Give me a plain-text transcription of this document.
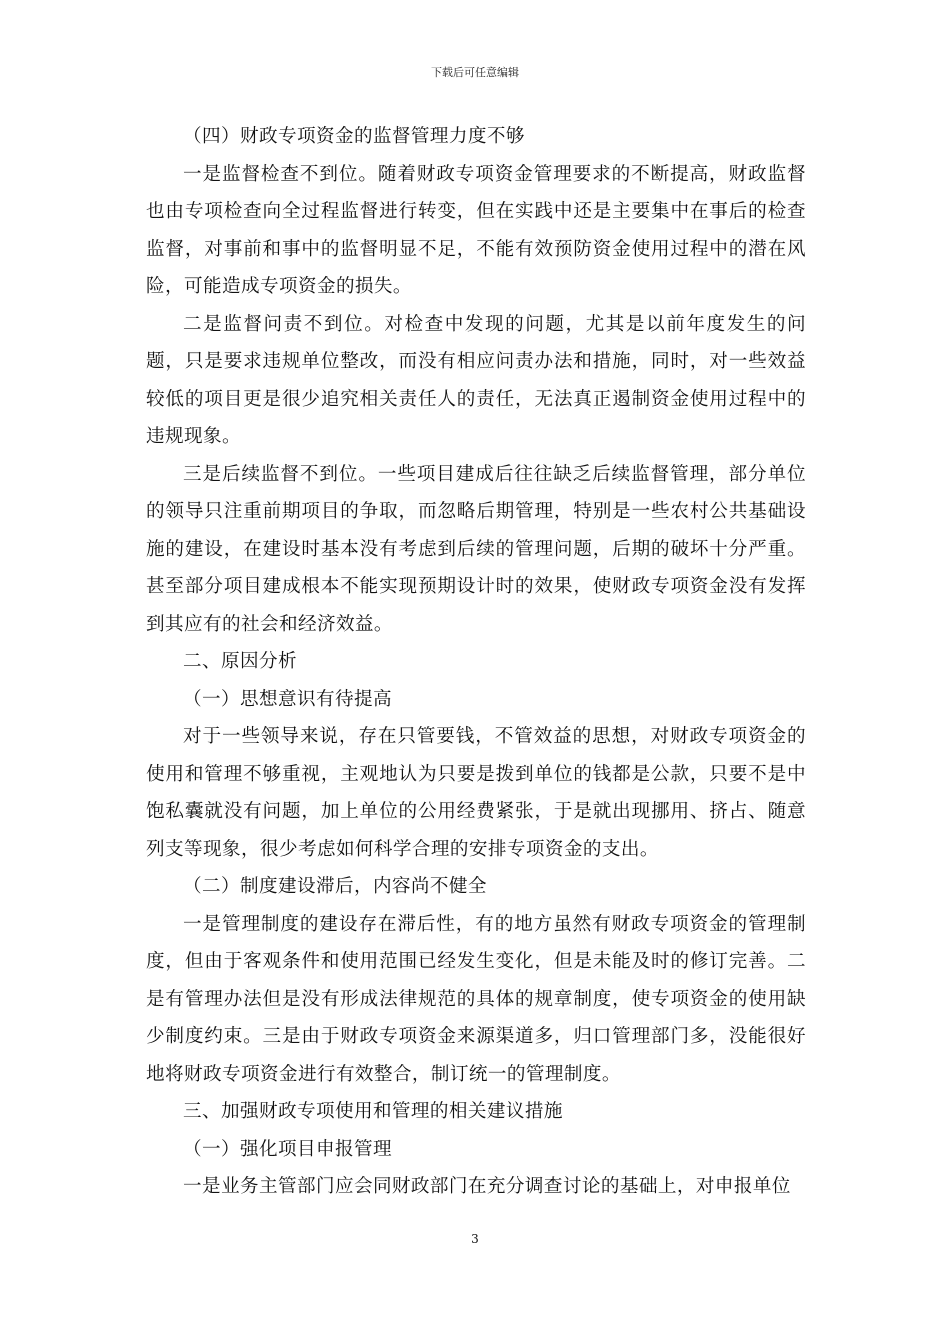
下载后可任意编辑

（四）财政专项资金的监督管理力度不够

一是监督检查不到位。随着财政专项资金管理要求的不断提高，财政监督也由专项检查向全过程监督进行转变，但在实践中还是主要集中在事后的检查监督，对事前和事中的监督明显不足，不能有效预防资金使用过程中的潜在风险，可能造成专项资金的损失。

二是监督问责不到位。对检查中发现的问题，尤其是以前年度发生的问题，只是要求违规单位整改，而没有相应问责办法和措施，同时，对一些效益较低的项目更是很少追究相关责任人的责任，无法真正遏制资金使用过程中的违规现象。

三是后续监督不到位。一些项目建成后往往缺乏后续监督管理，部分单位的领导只注重前期项目的争取，而忽略后期管理，特别是一些农村公共基础设施的建设，在建设时基本没有考虑到后续的管理问题，后期的破坏十分严重。甚至部分项目建成根本不能实现预期设计时的效果，使财政专项资金没有发挥到其应有的社会和经济效益。

二、原因分析

（一）思想意识有待提高

对于一些领导来说，存在只管要钱，不管效益的思想，对财政专项资金的使用和管理不够重视，主观地认为只要是拨到单位的钱都是公款，只要不是中饱私囊就没有问题，加上单位的公用经费紧张，于是就出现挪用、挤占、随意列支等现象，很少考虑如何科学合理的安排专项资金的支出。

（二）制度建设滞后，内容尚不健全

一是管理制度的建设存在滞后性，有的地方虽然有财政专项资金的管理制度，但由于客观条件和使用范围已经发生变化，但是未能及时的修订完善。二是有管理办法但是没有形成法律规范的具体的规章制度，使专项资金的使用缺少制度约束。三是由于财政专项资金来源渠道多，归口管理部门多，没能很好地将财政专项资金进行有效整合，制订统一的管理制度。

三、加强财政专项使用和管理的相关建议措施

（一）强化项目申报管理

一是业务主管部门应会同财政部门在充分调查讨论的基础上，对申报单位

3
